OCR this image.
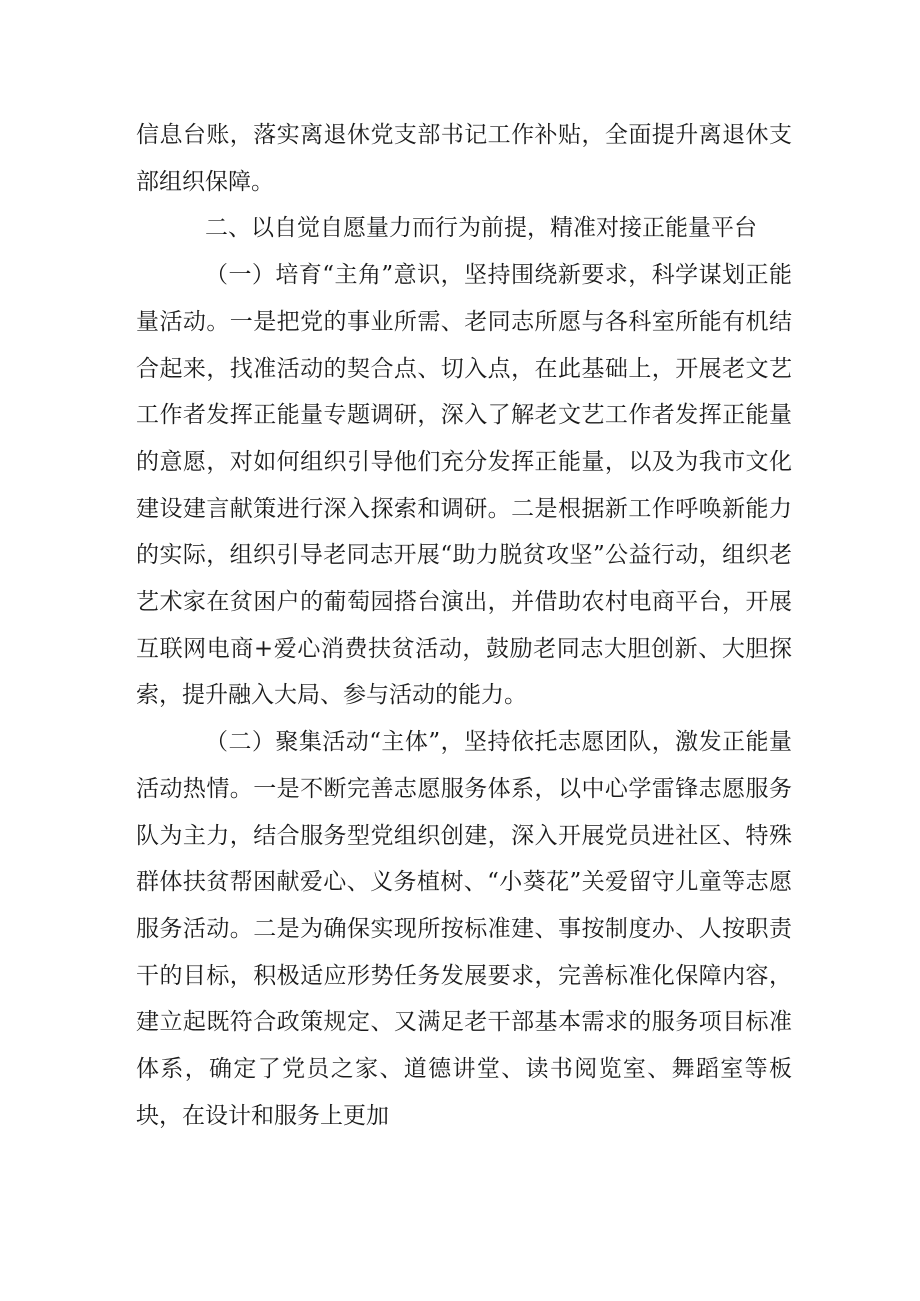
信息台账，落实离退休党支部书记工作补贴，全面提升离退休支部组织保障。

二、以自觉自愿量力而行为前提，精准对接正能量平台

（一）培育“主角”意识，坚持围绕新要求，科学谋划正能量活动。一是把党的事业所需、老同志所愿与各科室所能有机结合起来，找准活动的契合点、切入点，在此基础上，开展老文艺工作者发挥正能量专题调研，深入了解老文艺工作者发挥正能量的意愿，对如何组织引导他们充分发挥正能量，以及为我市文化建设建言献策进行深入探索和调研。二是根据新工作呼唤新能力的实际，组织引导老同志开展“助力脱贫攻坚”公益行动，组织老艺术家在贫困户的葡萄园搭台演出，并借助农村电商平台，开展互联网电商+爱心消费扶贫活动，鼓励老同志大胆创新、大胆探索，提升融入大局、参与活动的能力。

（二）聚集活动“主体”，坚持依托志愿团队，激发正能量活动热情。一是不断完善志愿服务体系，以中心学雷锋志愿服务队为主力，结合服务型党组织创建，深入开展党员进社区、特殊群体扶贫帮困献爱心、义务植树、“小葵花”关爱留守儿童等志愿服务活动。二是为确保实现所按标准建、事按制度办、人按职责干的目标，积极适应形势任务发展要求，完善标准化保障内容，建立起既符合政策规定、又满足老干部基本需求的服务项目标准体系，确定了党员之家、道德讲堂、读书阅览室、舞蹈室等板块，在设计和服务上更加
